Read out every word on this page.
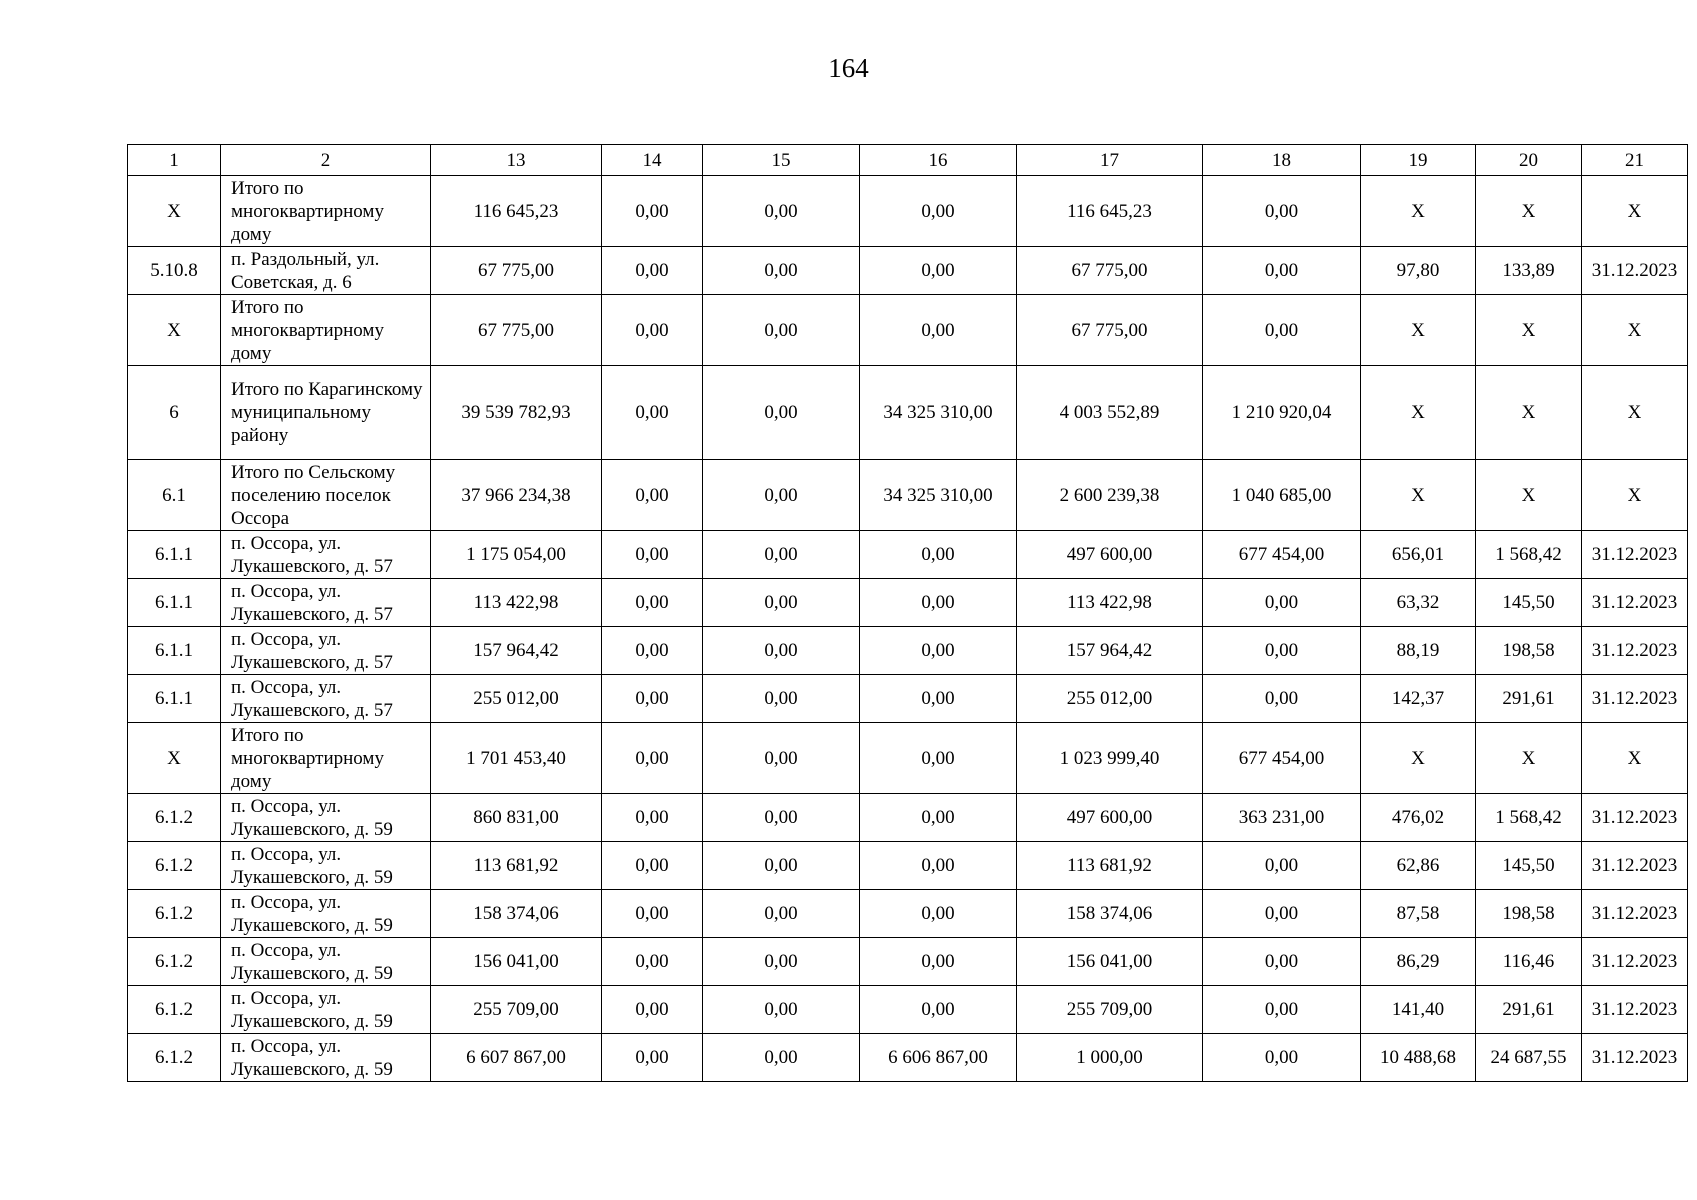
164
1	2	13	14	15	16	17	18	19	20	21
Х	Итого по многоквартирному дому	116 645,23	0,00	0,00	0,00	116 645,23	0,00	Х	Х	Х
5.10.8	п. Раздольный, ул. Советская, д. 6	67 775,00	0,00	0,00	0,00	67 775,00	0,00	97,80	133,89	31.12.2023
Х	Итого по многоквартирному дому	67 775,00	0,00	0,00	0,00	67 775,00	0,00	Х	Х	Х
6	Итого по Карагинскому муниципальному району	39 539 782,93	0,00	0,00	34 325 310,00	4 003 552,89	1 210 920,04	Х	Х	Х
6.1	Итого по Сельскому поселению поселок Оссора	37 966 234,38	0,00	0,00	34 325 310,00	2 600 239,38	1 040 685,00	Х	Х	Х
6.1.1	п. Оссора, ул. Лукашевского, д. 57	1 175 054,00	0,00	0,00	0,00	497 600,00	677 454,00	656,01	1 568,42	31.12.2023
6.1.1	п. Оссора, ул. Лукашевского, д. 57	113 422,98	0,00	0,00	0,00	113 422,98	0,00	63,32	145,50	31.12.2023
6.1.1	п. Оссора, ул. Лукашевского, д. 57	157 964,42	0,00	0,00	0,00	157 964,42	0,00	88,19	198,58	31.12.2023
6.1.1	п. Оссора, ул. Лукашевского, д. 57	255 012,00	0,00	0,00	0,00	255 012,00	0,00	142,37	291,61	31.12.2023
Х	Итого по многоквартирному дому	1 701 453,40	0,00	0,00	0,00	1 023 999,40	677 454,00	Х	Х	Х
6.1.2	п. Оссора, ул. Лукашевского, д. 59	860 831,00	0,00	0,00	0,00	497 600,00	363 231,00	476,02	1 568,42	31.12.2023
6.1.2	п. Оссора, ул. Лукашевского, д. 59	113 681,92	0,00	0,00	0,00	113 681,92	0,00	62,86	145,50	31.12.2023
6.1.2	п. Оссора, ул. Лукашевского, д. 59	158 374,06	0,00	0,00	0,00	158 374,06	0,00	87,58	198,58	31.12.2023
6.1.2	п. Оссора, ул. Лукашевского, д. 59	156 041,00	0,00	0,00	0,00	156 041,00	0,00	86,29	116,46	31.12.2023
6.1.2	п. Оссора, ул. Лукашевского, д. 59	255 709,00	0,00	0,00	0,00	255 709,00	0,00	141,40	291,61	31.12.2023
6.1.2	п. Оссора, ул. Лукашевского, д. 59	6 607 867,00	0,00	0,00	6 606 867,00	1 000,00	0,00	10 488,68	24 687,55	31.12.2023
